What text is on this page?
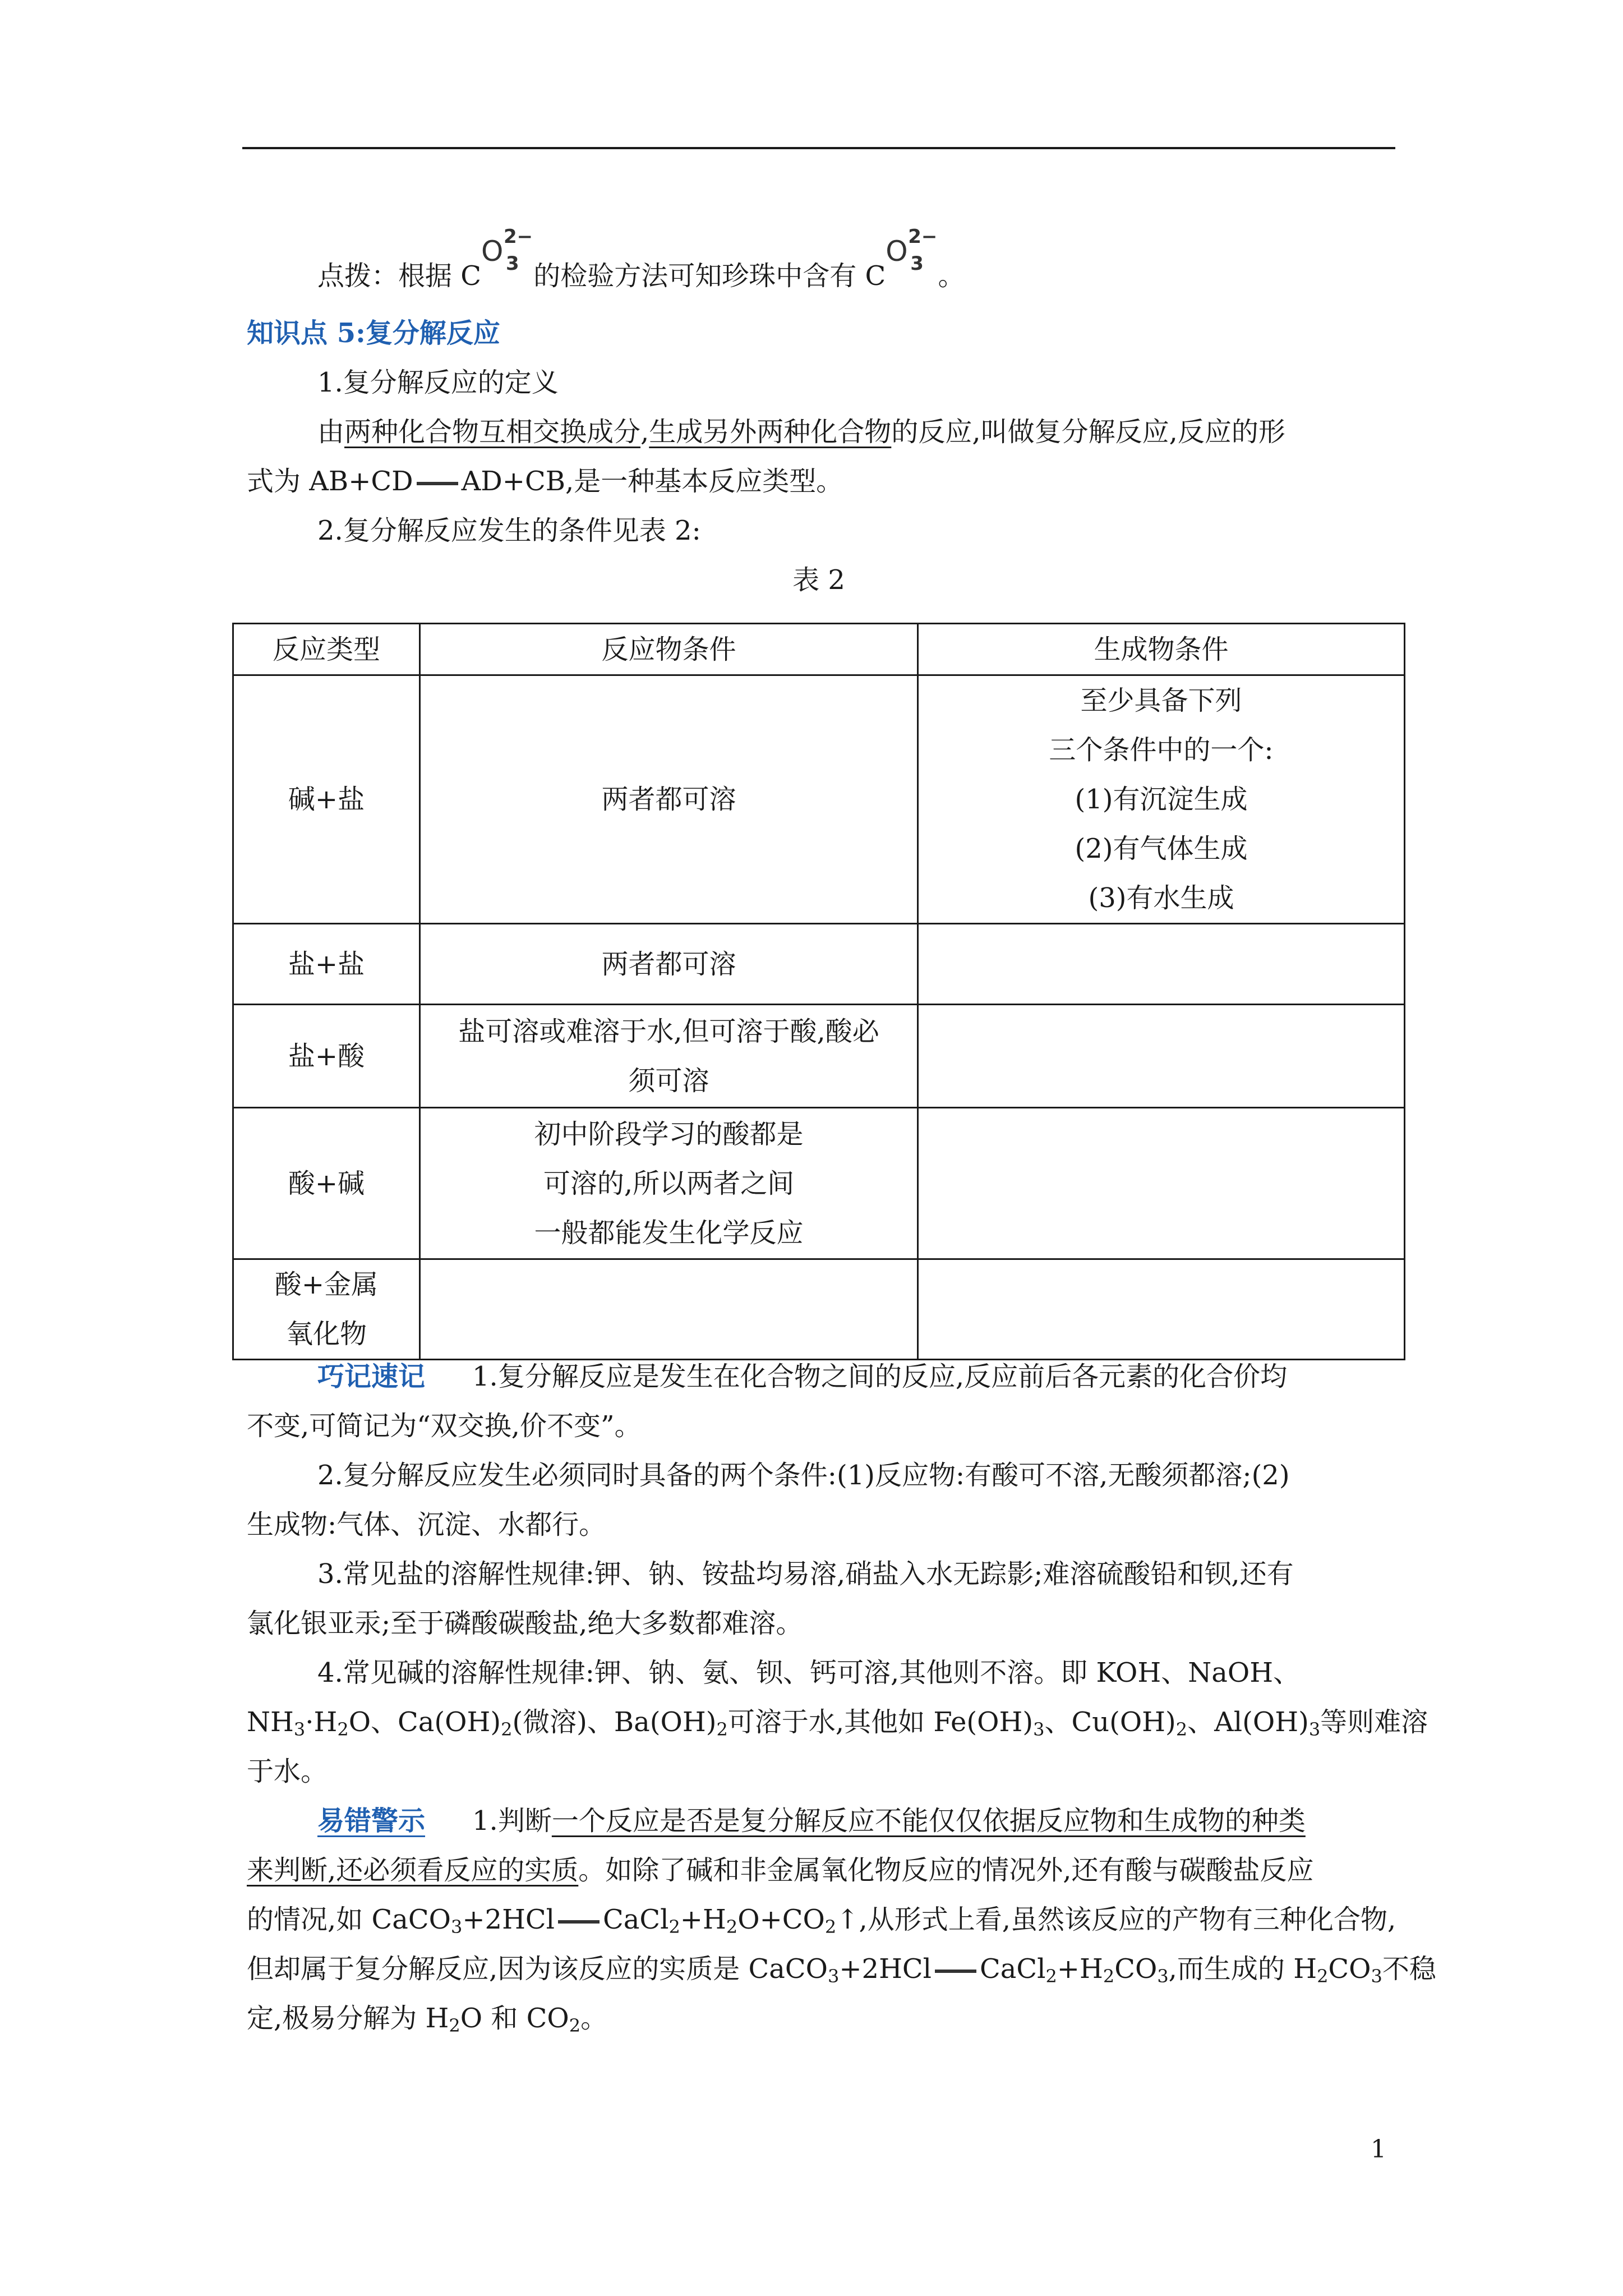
点拨：根据 C
O 2−
3 的检验方法可知珍珠中含有 C
O 2−
3 。
知识点 5:复分解反应
1.复分解反应的定义
由两种化合物互相交换成分,生成另外两种化合物的反应,叫做复分解反应,反应的形
式为 AB+CD AD+CB,是一种基本反应类型。
2.复分解反应发生的条件见表 2:
表 2
反应类型	反应物条件	生成物条件
碱+盐	两者都可溶	至少具备下列
三个条件中的一个:
(1)有沉淀生成
(2)有气体生成
(3)有水生成

盐+盐	两者都可溶	
盐+酸	盐可溶或难溶于水,但可溶于酸,酸必
须可溶	

酸+碱	初中阶段学习的酸都是
可溶的,所以两者之间
一般都能发生化学反应	

酸+金属
氧化物		

巧记速记 1.复分解反应是发生在化合物之间的反应,反应前后各元素的化合价均
不变,可简记为“双交换,价不变”。
2.复分解反应发生必须同时具备的两个条件:(1)反应物:有酸可不溶,无酸须都溶;(2)
生成物:气体、沉淀、水都行。
3.常见盐的溶解性规律:钾、钠、铵盐均易溶,硝盐入水无踪影;难溶硫酸铅和钡,还有
氯化银亚汞;至于磷酸碳酸盐,绝大多数都难溶。
4.常见碱的溶解性规律:钾、钠、氨、钡、钙可溶,其他则不溶。即 KOH、NaOH、
$NH_3\cdot H_2O$、$Ca(OH)_2$(微溶)、$Ba(OH)_2$可溶于水,其他如 $Fe(OH)_3$、$Cu(OH)_2$、$Al(OH)_3$等则难溶
于水。
易错警示 1.判断一个反应是否是复分解反应不能仅仅依据反应物和生成物的种类
来判断,还必须看反应的实质。如除了碱和非金属氧化物反应的情况外,还有酸与碳酸盐反应
的情况,如 CaCO$_3$+2HCl $CaCl_2+H_2O+CO_2↑$,从形式上看,虽然该反应的产物有三种化合物,
但却属于复分解反应,因为该反应的实质是 CaCO$_3$+2HCl $CaCl_2+H_2CO_3$,而生成的 $H_2CO_3$不稳
定,极易分解为 $H_2O$ 和 $CO_2$。
1
